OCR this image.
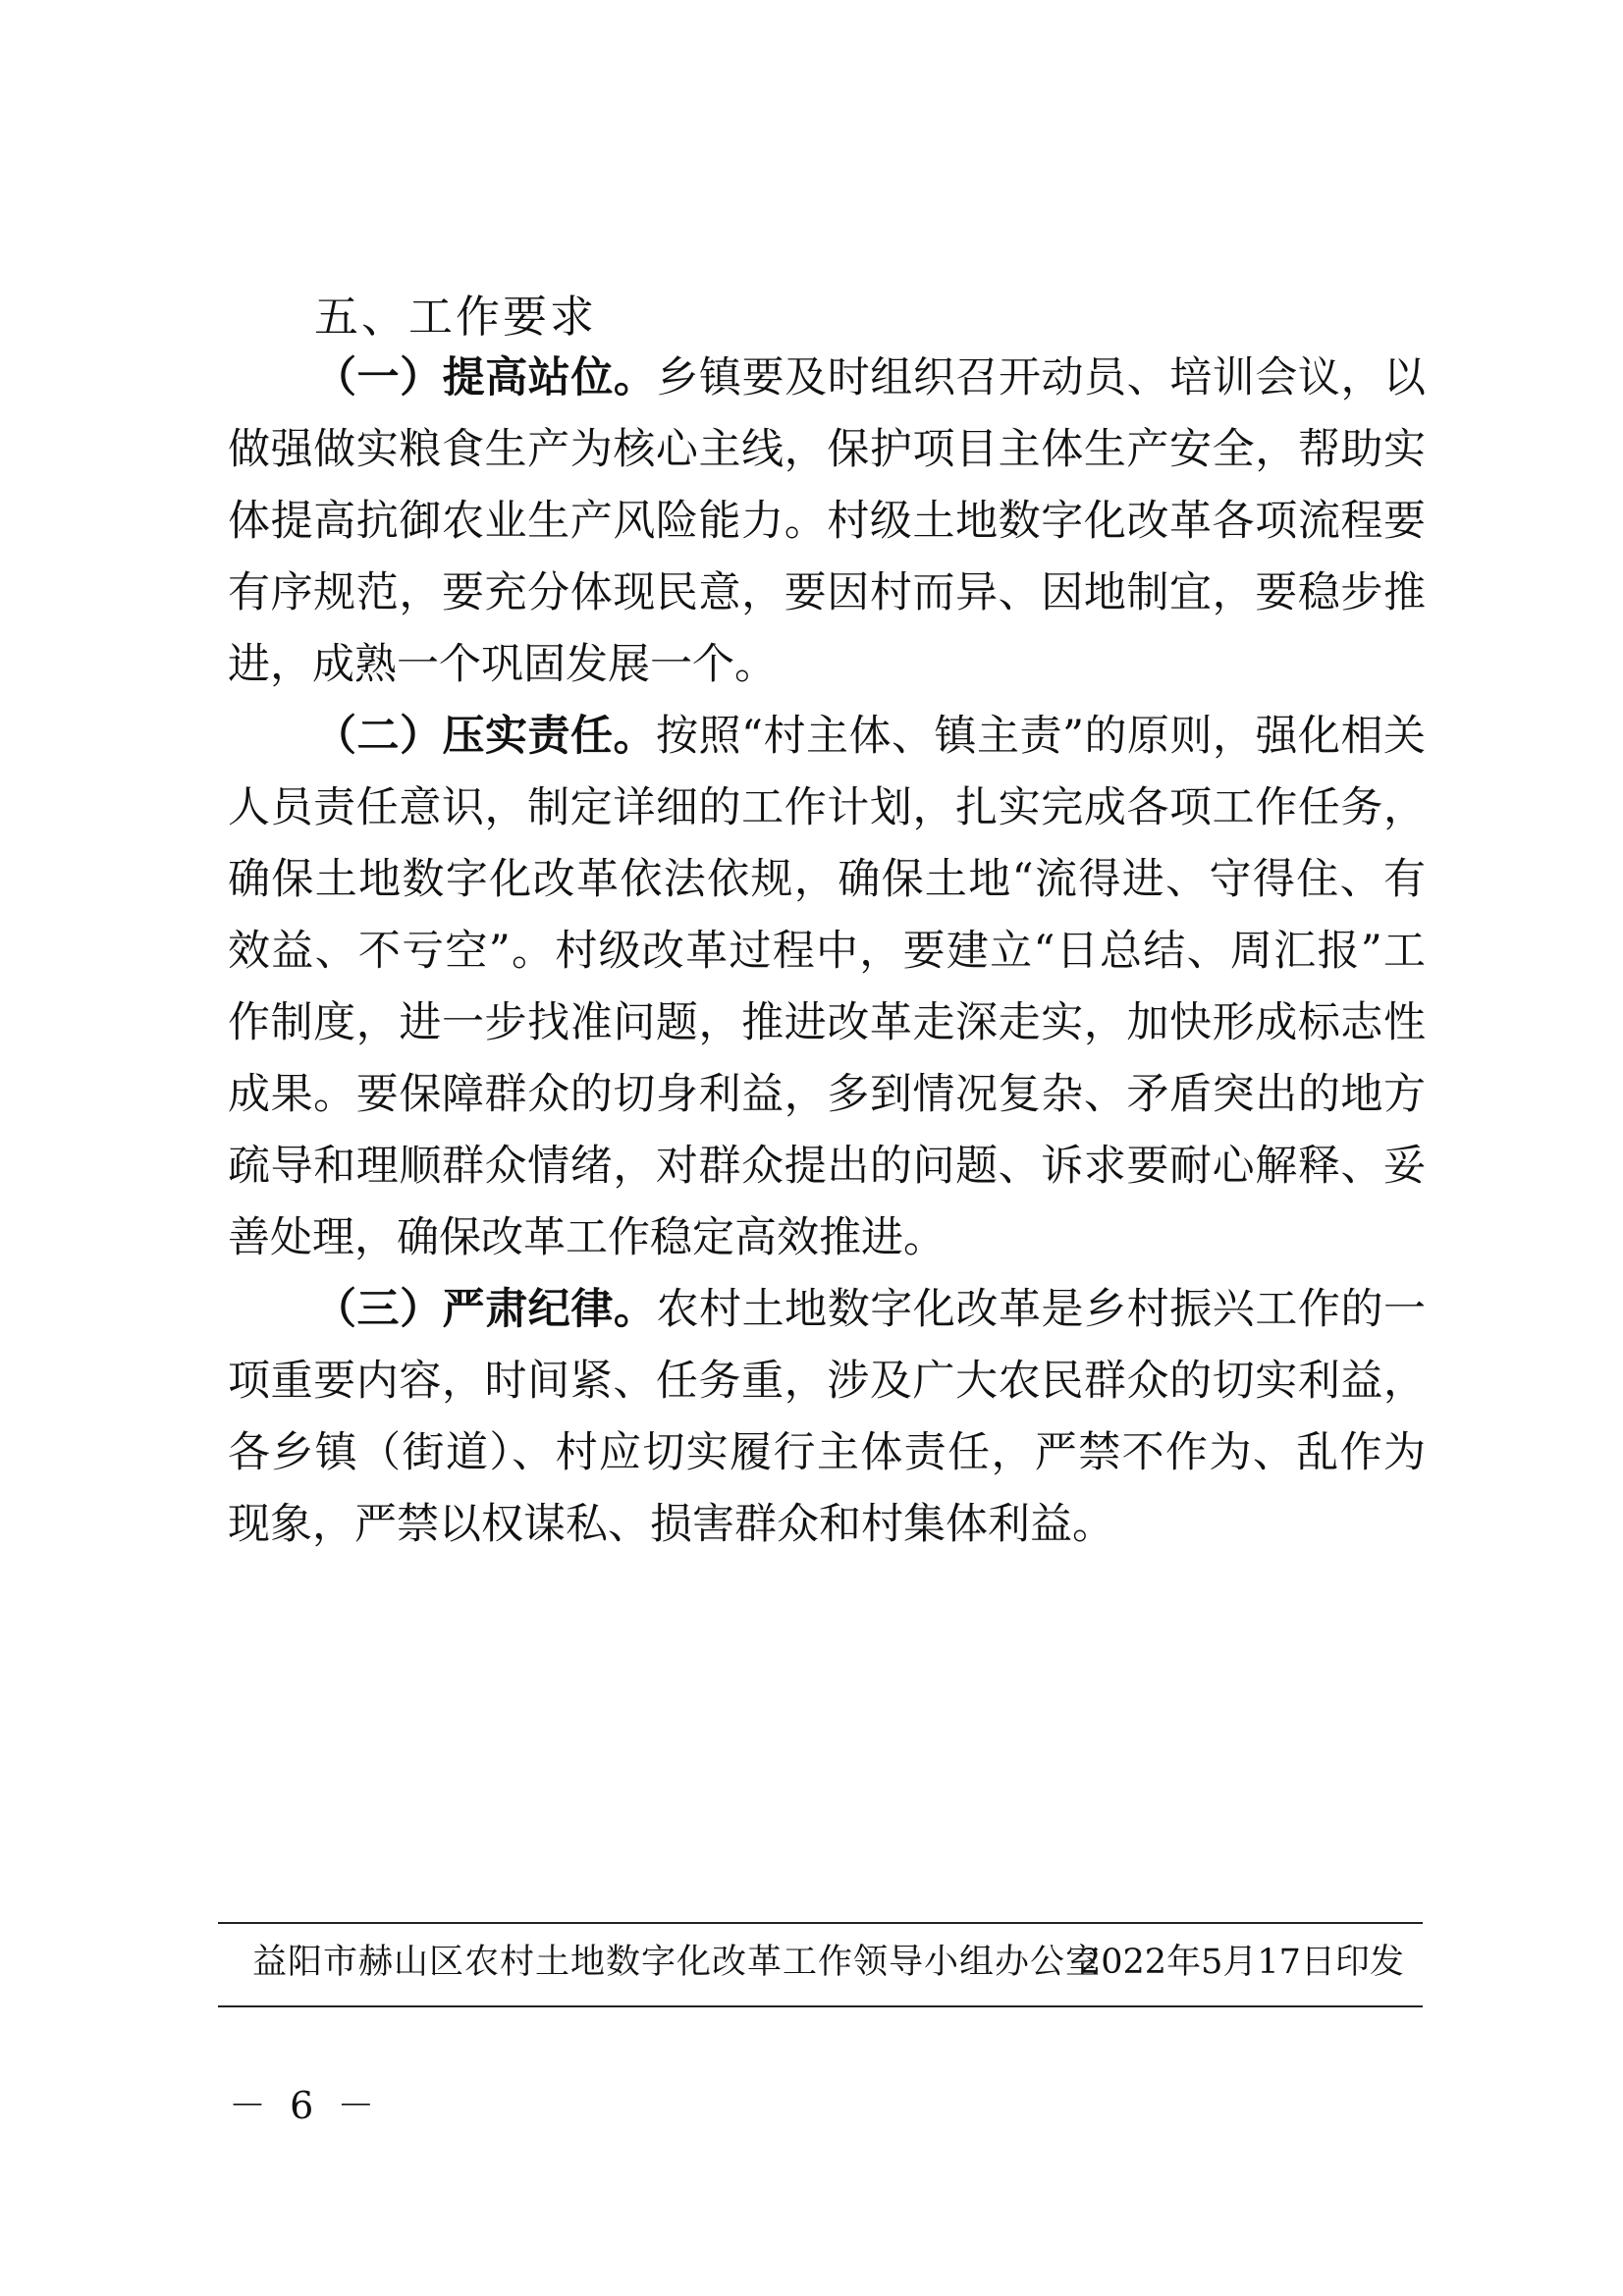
五、工作要求

（一）提高站位。乡镇要及时组织召开动员、培训会议，以做强做实粮食生产为核心主线，保护项目主体生产安全，帮助实体提高抗御农业生产风险能力。村级土地数字化改革各项流程要有序规范，要充分体现民意，要因村而异、因地制宜，要稳步推进，成熟一个巩固发展一个。

（二）压实责任。按照“村主体、镇主责”的原则，强化相关人员责任意识，制定详细的工作计划，扎实完成各项工作任务，确保土地数字化改革依法依规，确保土地“流得进、守得住、有效益、不亏空”。村级改革过程中，要建立“日总结、周汇报”工作制度，进一步找准问题，推进改革走深走实，加快形成标志性成果。要保障群众的切身利益，多到情况复杂、矛盾突出的地方疏导和理顺群众情绪，对群众提出的问题、诉求要耐心解释、妥善处理，确保改革工作稳定高效推进。

（三）严肃纪律。农村土地数字化改革是乡村振兴工作的一项重要内容，时间紧、任务重，涉及广大农民群众的切实利益，各乡镇（街道）、村应切实履行主体责任，严禁不作为、乱作为现象，严禁以权谋私、损害群众和村集体利益。

益阳市赫山区农村土地数字化改革工作领导小组办公室
2022年5月17日印发
－ 6 －
